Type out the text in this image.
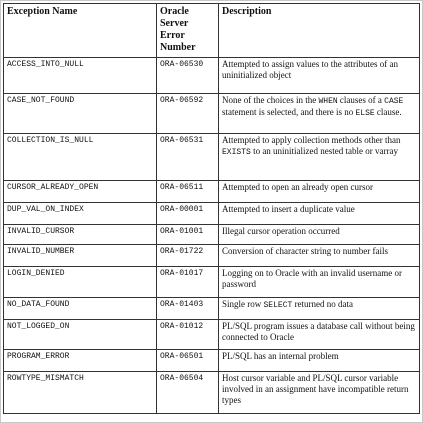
Exception Name	Oracle Server Error Number	Description
ACCESS_INTO_NULL	ORA-06530	Attempted to assign values to the attributes of an uninitialized object
CASE_NOT_FOUND	ORA-06592	None of the choices in the WHEN clauses of a CASE statement is selected, and there is no ELSE clause.
COLLECTION_IS_NULL	ORA-06531	Attempted to apply collection methods other than EXISTS to an uninitialized nested table or varray
CURSOR_ALREADY_OPEN	ORA-06511	Attempted to open an already open cursor
DUP_VAL_ON_INDEX	ORA-00001	Attempted to insert a duplicate value
INVALID_CURSOR	ORA-01001	Illegal cursor operation occurred
INVALID_NUMBER	ORA-01722	Conversion of character string to number fails
LOGIN_DENIED	ORA-01017	Logging on to Oracle with an invalid username or password
NO_DATA_FOUND	ORA-01403	Single row SELECT returned no data
NOT_LOGGED_ON	ORA-01012	PL/SQL program issues a database call without being connected to Oracle
PROGRAM_ERROR	ORA-06501	PL/SQL has an internal problem
ROWTYPE_MISMATCH	ORA-06504	Host cursor variable and PL/SQL cursor variable involved in an assignment have incompatible return types
